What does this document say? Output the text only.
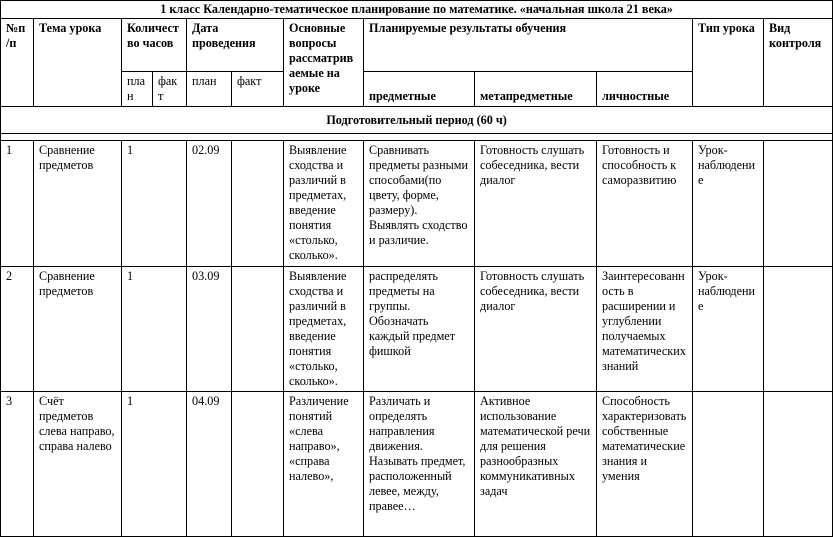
1 класс Календарно-тематическое планирование по математике. «начальная школа 21 века»											
№п/п	Тема урока	Количество часов		Дата проведения		Основные вопросы рассматриваемые на уроке	Планируемые результаты обучения			Тип урока	Вид контроля
		план	факт	план	факт		предметные	метапредметные	личностные		
Подготовительный период (60 ч)											

1	Сравнение предметов	1		02.09		Выявление сходства и различий в предметах, введение понятия «столько, сколько».	Сравнивать предметы разными способами(по цвету, форме, размеру). Выявлять сходство и различие.	Готовность слушать собеседника, вести диалог	Готовность и способность к саморазвитию	Урок-наблюдение	
2	Сравнение предметов	1		03.09		Выявление сходства и различий в предметах, введение понятия «столько, сколько».	распределять предметы на группы. Обозначать каждый предмет фишкой	Готовность слушать собеседника, вести диалог	Заинтересованность в расширении и углублении получаемых математических знаний	Урок-наблюдение	
3	Счёт предметов слева направо, справа налево	1		04.09		Различение понятий «слева направо», «справа налево»,	Различать и определять направления движения. Называть предмет, расположенный левее, между, правее…	Активное использование математической речи для решения разнообразных коммуникативных задач	Способность характеризовать собственные математические знания и умения		
